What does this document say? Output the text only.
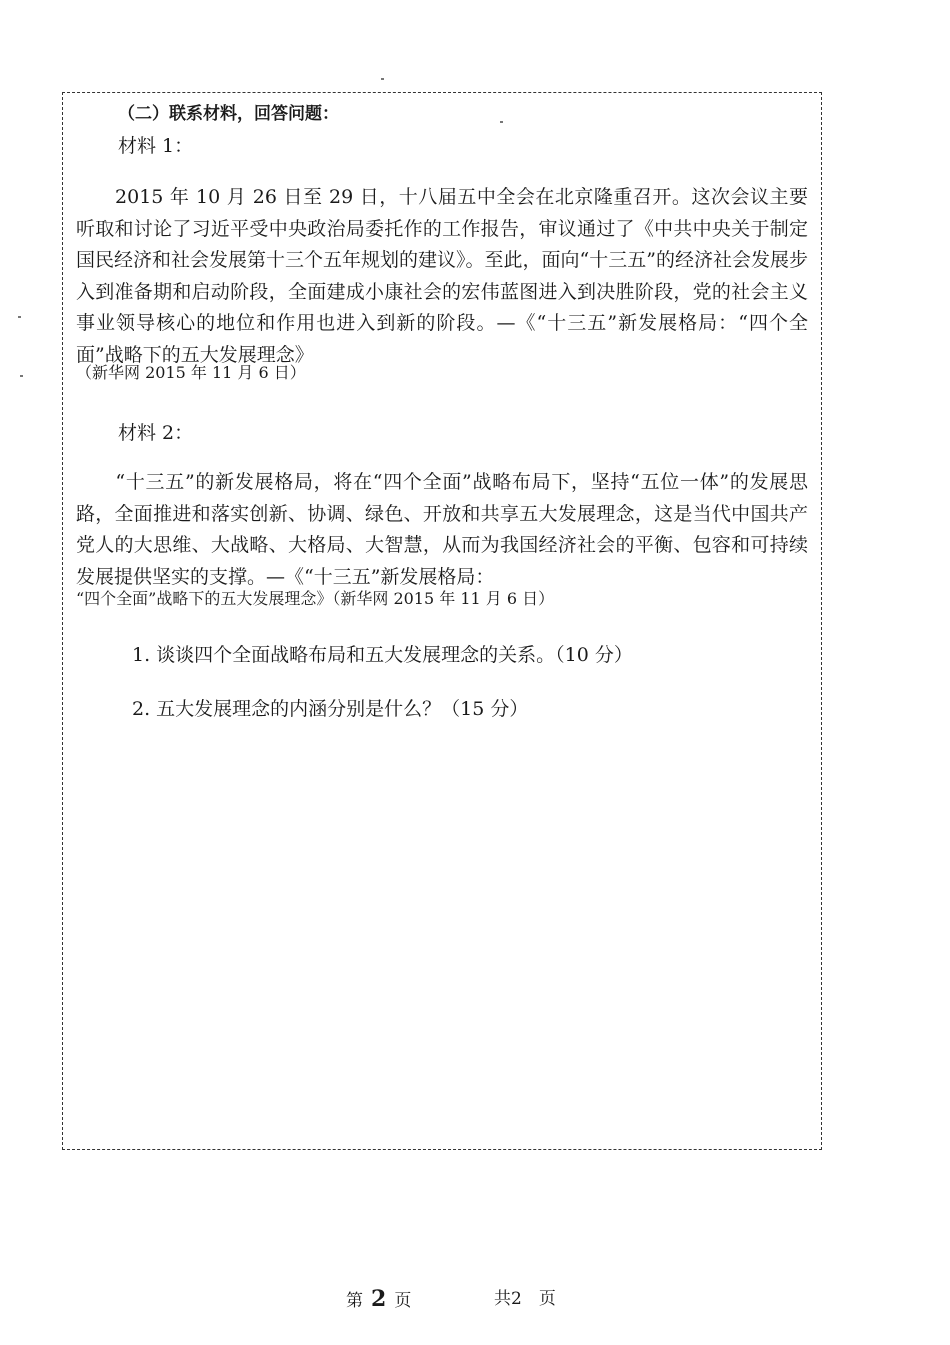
（二）联系材料，回答问题：
材料 1：
　　2015 年 10 月 26 日至 29 日，十八届五中全会在北京隆重召开。这次会议主要听取和讨论了习近平受中央政治局委托作的工作报告，审议通过了《中共中央关于制定国民经济和社会发展第十三个五年规划的建议》。至此，面向“十三五”的经济社会发展步入到准备期和启动阶段，全面建成小康社会的宏伟蓝图进入到决胜阶段，党的社会主义事业领导核心的地位和作用也进入到新的阶段。—《“十三五”新发展格局：“四个全面”战略下的五大发展理念》
（新华网 2015 年 11 月 6 日）
材料 2：
　　“十三五”的新发展格局，将在“四个全面”战略布局下，坚持“五位一体”的发展思路，全面推进和落实创新、协调、绿色、开放和共享五大发展理念，这是当代中国共产党人的大思维、大战略、大格局、大智慧，从而为我国经济社会的平衡、包容和可持续发展提供坚实的支撑。—《“十三五”新发展格局：
“四个全面”战略下的五大发展理念》（新华网 2015 年 11 月 6 日）
1. 谈谈四个全面战略布局和五大发展理念的关系。（10 分）
2. 五大发展理念的内涵分别是什么？（15 分）
第 2 页	共2　页
